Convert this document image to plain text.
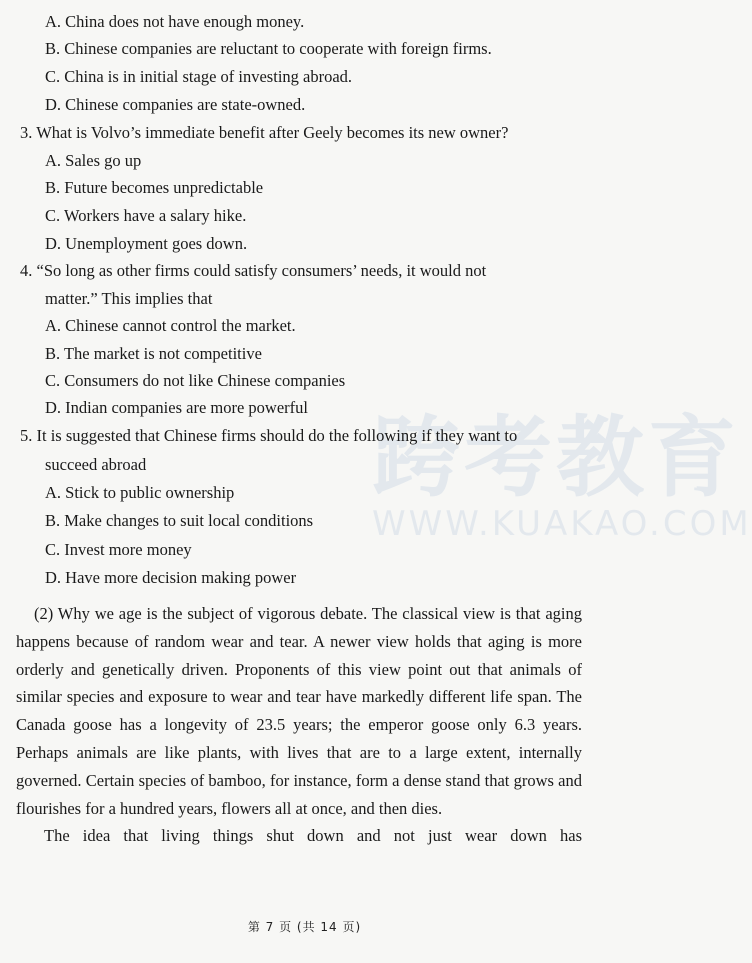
跨考教育
WWW.KUAKAO.COM
A. China does not have enough money.
B. Chinese companies are reluctant to cooperate with foreign firms.
C. China is in initial stage of investing abroad.
D. Chinese companies are state-owned.
3. What is Volvo’s immediate benefit after Geely becomes its new owner?
A. Sales go up
B. Future becomes unpredictable
C. Workers have a salary hike.
D. Unemployment goes down.
4. “So long as other firms could satisfy consumers’ needs, it would not
matter.” This implies that
A. Chinese cannot control the market.
B. The market is not competitive
C. Consumers do not like Chinese companies
D. Indian companies are more powerful
5. It is suggested that Chinese firms should do the following if they want to
succeed abroad
A. Stick to public ownership
B. Make changes to suit local conditions
C. Invest more money
D. Have more decision making power

(2) Why we age is the subject of vigorous debate. The classical view is that aging happens because of random wear and tear. A newer view holds that aging is more orderly and genetically driven. Proponents of this view point out that animals of similar species and exposure to wear and tear have markedly different life span. The Canada goose has a longevity of 23.5 years; the emperor goose only 6.3 years. Perhaps animals are like plants, with lives that are to a large extent, internally governed. Certain species of bamboo, for instance, form a dense stand that grows and flourishes for a hundred years, flowers all at once, and then dies.

The idea that living things shut down and not just wear down has

第 7 页 (共 14 页)
